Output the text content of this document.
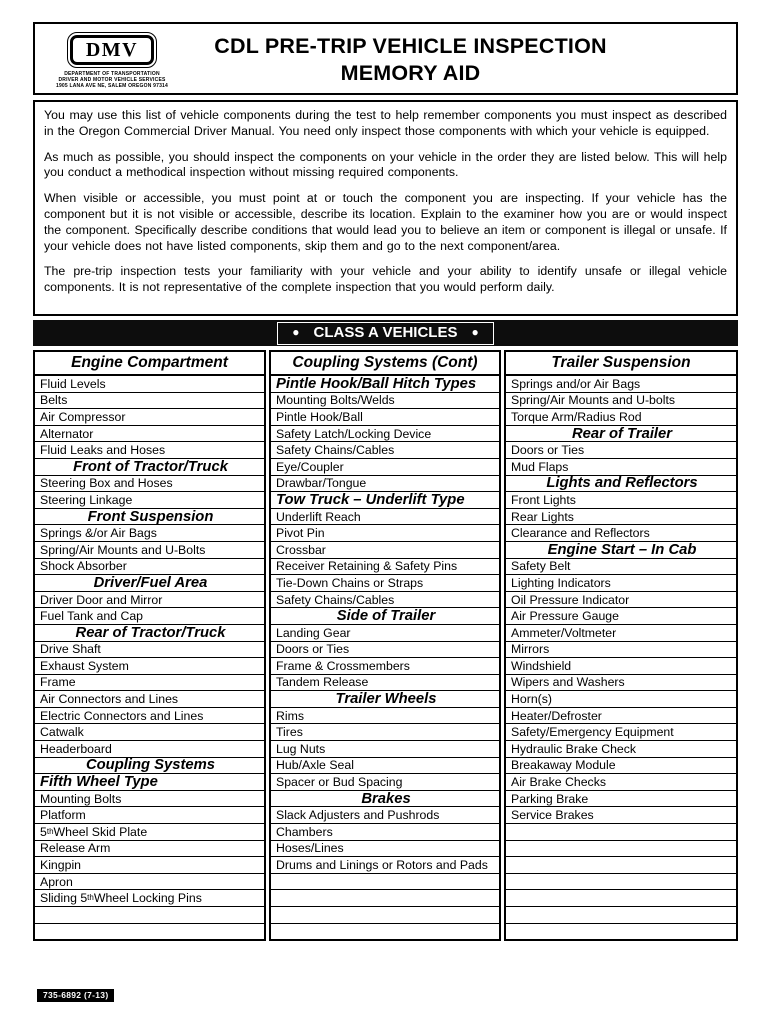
DMV
DEPARTMENT OF TRANSPORTATION
DRIVER AND MOTOR VEHICLE SERVICES
1905 LANA AVE NE, SALEM OREGON 97314
CDL PRE-TRIP VEHICLE INSPECTION
MEMORY AID

You may use this list of vehicle components during the test to help remember components you must inspect as described in the Oregon Commercial Driver Manual. You need only inspect those components with which your vehicle is equipped.

As much as possible, you should inspect the components on your vehicle in the order they are listed below. This will help you conduct a methodical inspection without missing required components.

When visible or accessible, you must point at or touch the component you are inspecting. If your vehicle has the component but it is not visible or accessible, describe its location. Explain to the examiner how you are or would inspect the component. Specifically describe conditions that would lead you to believe an item or component is illegal or unsafe. If your vehicle does not have listed components, skip them and go to the next component/area.

The pre-trip inspection tests your familiarity with your vehicle and your ability to identify unsafe or illegal vehicle components. It is not representative of the complete inspection that you would perform daily.

● CLASS A VEHICLES ●
Engine Compartment
Fluid Levels
Belts
Air Compressor
Alternator
Fluid Leaks and Hoses
Front of Tractor/Truck
Steering Box and Hoses
Steering Linkage
Front Suspension
Springs &/or Air Bags
Spring/Air Mounts and U-Bolts
Shock Absorber
Driver/Fuel Area
Driver Door and Mirror
Fuel Tank and Cap
Rear of Tractor/Truck
Drive Shaft
Exhaust System
Frame
Air Connectors and Lines
Electric Connectors and Lines
Catwalk
Headerboard
Coupling Systems
Fifth Wheel Type
Mounting Bolts
Platform
5 th Wheel Skid Plate
Release Arm
Kingpin
Apron
Sliding 5 th Wheel Locking Pins
Coupling Systems (Cont)
Pintle Hook/Ball Hitch Types
Mounting Bolts/Welds
Pintle Hook/Ball
Safety Latch/Locking Device
Safety Chains/Cables
Eye/Coupler
Drawbar/Tongue
Tow Truck – Underlift Type
Underlift Reach
Pivot Pin
Crossbar
Receiver Retaining & Safety Pins
Tie-Down Chains or Straps
Safety Chains/Cables
Side of Trailer
Landing Gear
Doors or Ties
Frame & Crossmembers
Tandem Release
Trailer Wheels
Rims
Tires
Lug Nuts
Hub/Axle Seal
Spacer or Bud Spacing
Brakes
Slack Adjusters and Pushrods
Chambers
Hoses/Lines
Drums and Linings or Rotors and Pads
Trailer Suspension
Springs and/or Air Bags
Spring/Air Mounts and U-bolts
Torque Arm/Radius Rod
Rear of Trailer
Doors or Ties
Mud Flaps
Lights and Reflectors
Front Lights
Rear Lights
Clearance and Reflectors
Engine Start – In Cab
Safety Belt
Lighting Indicators
Oil Pressure Indicator
Air Pressure Gauge
Ammeter/Voltmeter
Mirrors
Windshield
Wipers and Washers
Horn(s)
Heater/Defroster
Safety/Emergency Equipment
Hydraulic Brake Check
Breakaway Module
Air Brake Checks
Parking Brake
Service Brakes
735-6892 (7-13)
